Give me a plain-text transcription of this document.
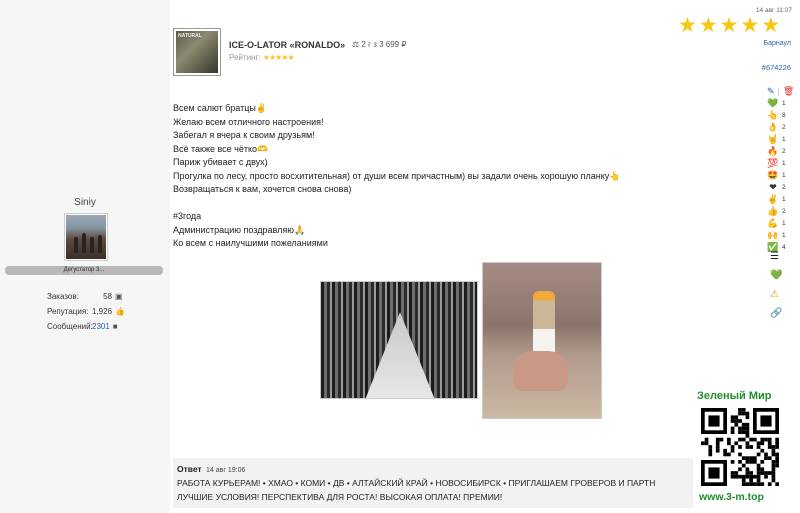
Siniy
Дегустатор 3...
Заказов:	58 ▣
Репутация: 1,926 👍
Сообщений: 2301 ■
NATURAL
ICE-O-LATOR «RONALDO» ⚖ 2 г з 3 699 ₽
Рейтинг: ★★★★★
14 авг 11:07
★ ★ ★ ★ ★
Барнаул
#674226
✎ | 🗑
💚 1
👆 8
👌 2
🤘 1
🔥 2
💯 1
🤩 1
❤ 2
✌ 1
👍 2
💪 1
🙌 1
✅ 4
☰
💚
⚠
🔗
Всем салют братцы✌
Желаю всем отличного настроения!
Забегал я вчера к своим друзьям!
Всё также все чётко🫶
Париж убивает с двух)
Прогулка по лесу, просто восхитительная) от души всем причастным) вы задали очень хорошую планку👆
Возвращаться к вам, хочется снова снова)
#3года
Администрацию поздравляю🙏
Ко всем с наилучшими пожеланиями
Ответ 14 авг 19:06
РАБОТА КУРЬЕРАМ! • ХМАО • КОМИ • ДВ • АЛТАЙСКИЙ КРАЙ • НОВОСИБИРСК • ПРИГЛАШАЕМ ГРОВЕРОВ И ПАРТН
ЛУЧШИЕ УСЛОВИЯ! ПЕРСПЕКТИВА ДЛЯ РОСТА! ВЫСОКАЯ ОПЛАТА! ПРЕМИИ!
Зеленый Мир
www.3-m.top
